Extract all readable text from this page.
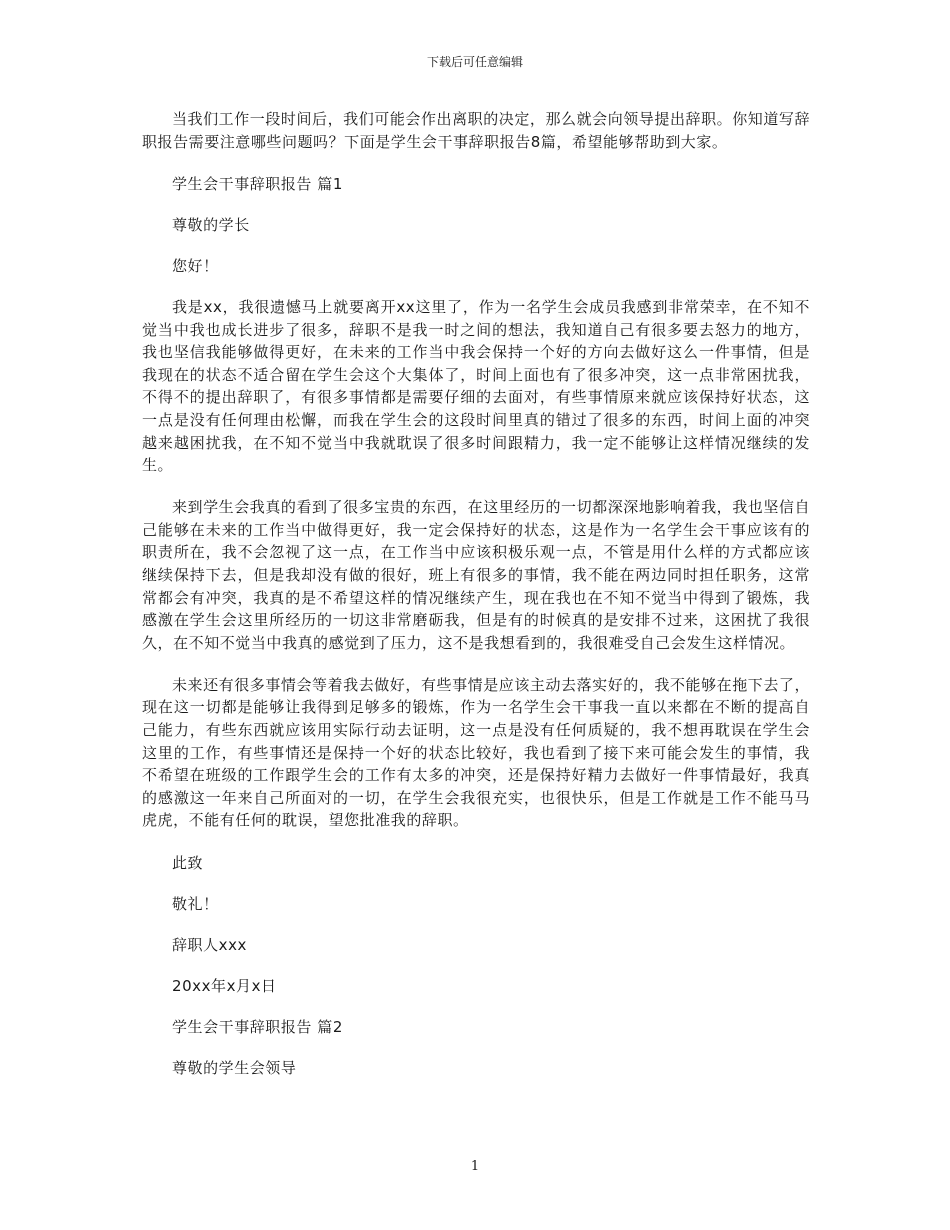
下载后可任意编辑

当我们工作一段时间后，我们可能会作出离职的决定，那么就会向领导提出辞职。你知道写辞职报告需要注意哪些问题吗？下面是学生会干事辞职报告8篇，希望能够帮助到大家。

学生会干事辞职报告 篇1

尊敬的学长

您好！

我是xx，我很遗憾马上就要离开xx这里了，作为一名学生会成员我感到非常荣幸，在不知不觉当中我也成长进步了很多，辞职不是我一时之间的想法，我知道自己有很多要去怒力的地方，我也坚信我能够做得更好，在未来的工作当中我会保持一个好的方向去做好这么一件事情，但是我现在的状态不适合留在学生会这个大集体了，时间上面也有了很多冲突，这一点非常困扰我，不得不的提出辞职了，有很多事情都是需要仔细的去面对，有些事情原来就应该保持好状态，这一点是没有任何理由松懈，而我在学生会的这段时间里真的错过了很多的东西，时间上面的冲突越来越困扰我，在不知不觉当中我就耽误了很多时间跟精力，我一定不能够让这样情况继续的发生。

来到学生会我真的看到了很多宝贵的东西，在这里经历的一切都深深地影响着我，我也坚信自己能够在未来的工作当中做得更好，我一定会保持好的状态，这是作为一名学生会干事应该有的职责所在，我不会忽视了这一点，在工作当中应该积极乐观一点，不管是用什么样的方式都应该继续保持下去，但是我却没有做的很好，班上有很多的事情，我不能在两边同时担任职务，这常常都会有冲突，我真的是不希望这样的情况继续产生，现在我也在不知不觉当中得到了锻炼，我感激在学生会这里所经历的一切这非常磨砺我，但是有的时候真的是安排不过来，这困扰了我很久，在不知不觉当中我真的感觉到了压力，这不是我想看到的，我很难受自己会发生这样情况。

未来还有很多事情会等着我去做好，有些事情是应该主动去落实好的，我不能够在拖下去了，现在这一切都是能够让我得到足够多的锻炼，作为一名学生会干事我一直以来都在不断的提高自己能力，有些东西就应该用实际行动去证明，这一点是没有任何质疑的，我不想再耽误在学生会这里的工作，有些事情还是保持一个好的状态比较好，我也看到了接下来可能会发生的事情，我不希望在班级的工作跟学生会的工作有太多的冲突，还是保持好精力去做好一件事情最好，我真的感激这一年来自己所面对的一切，在学生会我很充实，也很快乐，但是工作就是工作不能马马虎虎，不能有任何的耽误，望您批准我的辞职。

此致

敬礼！

辞职人xxx

20xx年x月x日

学生会干事辞职报告 篇2

尊敬的学生会领导

1
